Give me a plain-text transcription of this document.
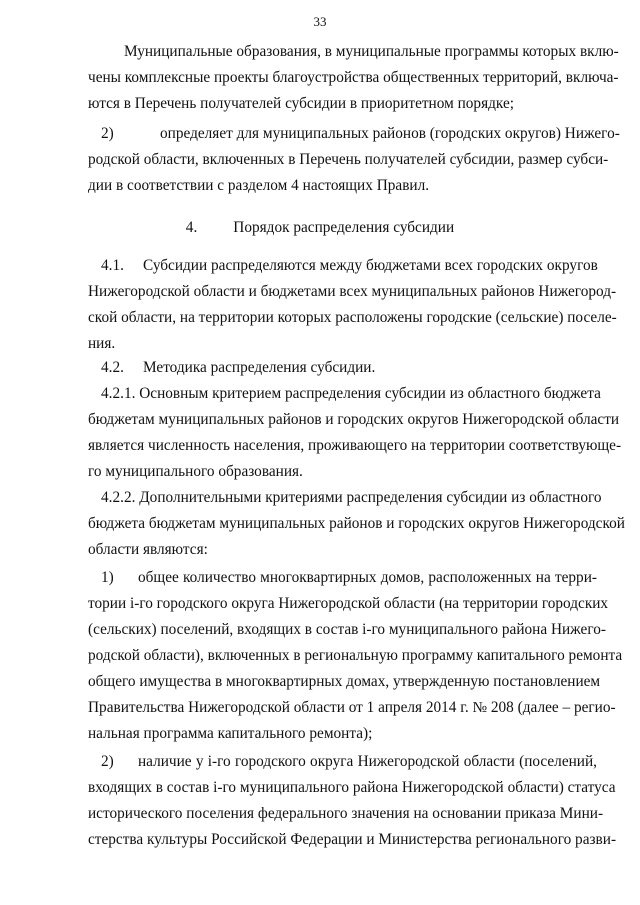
33
Муниципальные образования, в муниципальные программы которых вклю-
чены комплексные проекты благоустройства общественных территорий, включа-
ются в Перечень получателей субсидии в приоритетном порядке;
2)	определяет для муниципальных районов (городских округов) Нижего-
родской области, включенных в Перечень получателей субсидии, размер субси-
дии в соответствии с разделом 4 настоящих Правил.
4. Порядок распределения субсидии
4.1. Субсидии распределяются между бюджетами всех городских округов
Нижегородской области и бюджетами всех муниципальных районов Нижегород-
ской области, на территории которых расположены городские (сельские) поселе-
ния.
4.2. Методика распределения субсидии.
4.2.1. Основным критерием распределения субсидии из областного бюджета
бюджетам муниципальных районов и городских округов Нижегородской области
является численность населения, проживающего на территории соответствующе-
го муниципального образования.
4.2.2. Дополнительными критериями распределения субсидии из областного
бюджета бюджетам муниципальных районов и городских округов Нижегородской
области являются:
1) общее количество многоквартирных домов, расположенных на терри-
тории i-го городского округа Нижегородской области (на территории городских
(сельских) поселений, входящих в состав i-го муниципального района Нижего-
родской области), включенных в региональную программу капитального ремонта
общего имущества в многоквартирных домах, утвержденную постановлением
Правительства Нижегородской области от 1 апреля 2014 г. № 208 (далее – регио-
нальная программа капитального ремонта);
2) наличие у i-го городского округа Нижегородской области (поселений,
входящих в состав i-го муниципального района Нижегородской области) статуса
исторического поселения федерального значения на основании приказа Мини-
стерства культуры Российской Федерации и Министерства регионального разви-
